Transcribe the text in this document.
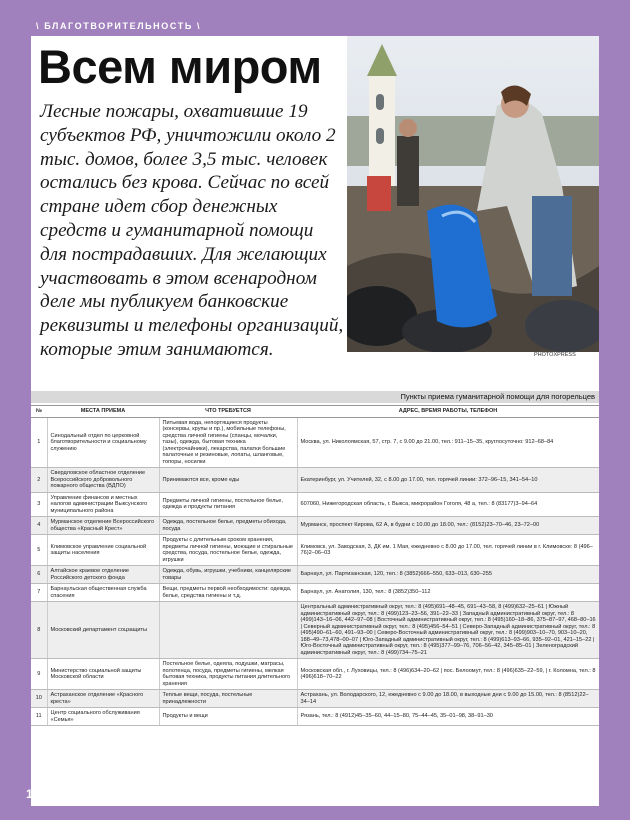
\ БЛАГОТВОРИТЕЛЬНОСТЬ \
Всем миром
Лесные пожары, охватившие 19 субъектов РФ, уничтожили около 2 тыс. домов, более 3,5 тыс. человек остались без крова. Сейчас по всей стране идет сбор денежных средств и гуманитарной помощи для пострадавших. Для желающих участвовать в этом всенародном деле мы публикуем банковские реквизиты и телефоны организаций, которые этим занимаются.	PHOTOXPRESS
Пункты приема гуманитарной помощи для погорельцев
№	МЕСТА ПРИЕМА	ЧТО ТРЕБУЕТСЯ	АДРЕС, ВРЕМЯ РАБОТЫ, ТЕЛЕФОН
1	Синодальный отдел по церковной благотворительности и социальному служению	Питьевая вода, непортящиеся продукты (консервы, крупы и пр.), мобильные телефоны, средства личной гигиены (спанцы, мочалки, тазы), одежда, бытовая техника (электрочайники), лекарства, палатки большие палаточные и резиновые, лопаты, шланговые, топоры, носилки	Москва, ул. Николоямская, 57, стр. 7, с 9.00 до 21.00, тел.: 911–15–35, круглосуточно: 912–68–84
2	Свердловское областное отделение Всероссийского добровольного пожарного общества (ВДПО)	Принимаются все, кроме еды	Екатеринбург, ул. Учителей, 32, с 8.00 до 17.00, тел. горячей линии: 372–96–15, 341–54–10
3	Управление финансов и местных налогов администрации Выксунского муниципального района	Предметы личной гигиены, постельное белье, одежда и продукты питания	607060, Нижегородская область, г. Выкса, микрорайон Гоголя, 48 а, тел.: 8 (83177)3–94–64
4	Мурманское отделение Всероссийского общества «Красный Крест»	Одежда, постельное белье, предметы обихода, посуда	Мурманск, проспект Кирова, 62 А, в будни с 10.00 до 18.00, тел.: (8152)23–70–46, 23–72–00
5	Климовское управление социальной защиты населения	Продукты с длительным сроком хранения, предметы личной гигиены, моющие и стиральные средства, посуда, постельное белье, одежда, игрушки	Климовск, ул. Заводская, 3, ДК им. 1 Мая, ежедневно с 8.00 до 17.00, тел. горячей линии в г. Климовске: 8 (496–76)2–06–03
6	Алтайское краевое отделение Российского детского фонда	Одежда, обувь, игрушки, учебники, канцелярские товары	Барнаул, ул. Партизанская, 120, тел.: 8 (3852)666–550, 633–013, 630–255
7	Барнаульская общественная служба спасения	Вещи, предметы первой необходимости: одежда, белье, средства гигиены и т.д.	Барнаул, ул. Анатолия, 130, тел.: 8 (3852)350–112
8	Московский департамент соцзащиты		Центральный административный округ, тел.: 8 (495)691–48–45, 691–43–58, 8 (499)632–25–61 | Южный административный округ, тел.: 8 (499)123–23–56, 391–22–33 | Западный административный округ, тел.: 8 (499)143–16–06, 442–97–08 | Восточный административный округ, тел.: 8 (495)160–18–86, 375–87–97, 468–80–16 | Северный административный округ, тел.: 8 (495)456–54–51 | Северо-Западный административный округ, тел.: 8 (495)490–61–60, 491–93–00 | Северо-Восточный административный округ, тел.: 8 (499)903–10–70, 903–10–20, 188–49–73,478–00–07 | Юго-Западный административный округ, тел.: 8 (499)613–93–66, 935–92–01, 421–15–22 | Юго-Восточный административный округ, тел.: 8 (495)377–99–76, 706–56–42, 345–85–01 | Зеленоградский административный округ, тел.: 8 (499)734–75–21
9	Министерство социальной защиты Московской области	Постельное белье, одеяла, подушки, матрасы, полотенца, посуда, предметы гигиены, мелкая бытовая техника, продукты питания длительного хранения	Московская обл., г. Луховицы, тел.: 8 (496)634–20–62 | пос. Белоомут, тел.: 8 (496)635–22–59, | г. Коломна, тел.: 8 (496)618–70–22
10	Астраханское отделение «Красного креста»	Теплые вещи, посуда, постельные принадлежности	Астрахань, ул. Володарского, 12, ежедневно с 9.00 до 18.00, в выходные дни с 9.00 до 15.00, тел.: 8 (8512)22–34–14
11	Центр социального обслуживания «Семья»	Продукты и вещи	Рязань, тел.: 8 (4912)45–35–60, 44–15–80, 75–44–45, 35–01–98, 38–91–30
108 ПРЯМЫЕ ИНВЕСТИЦИИ / № 9 (101) 2010	\ ОБЩЕСТВО \
